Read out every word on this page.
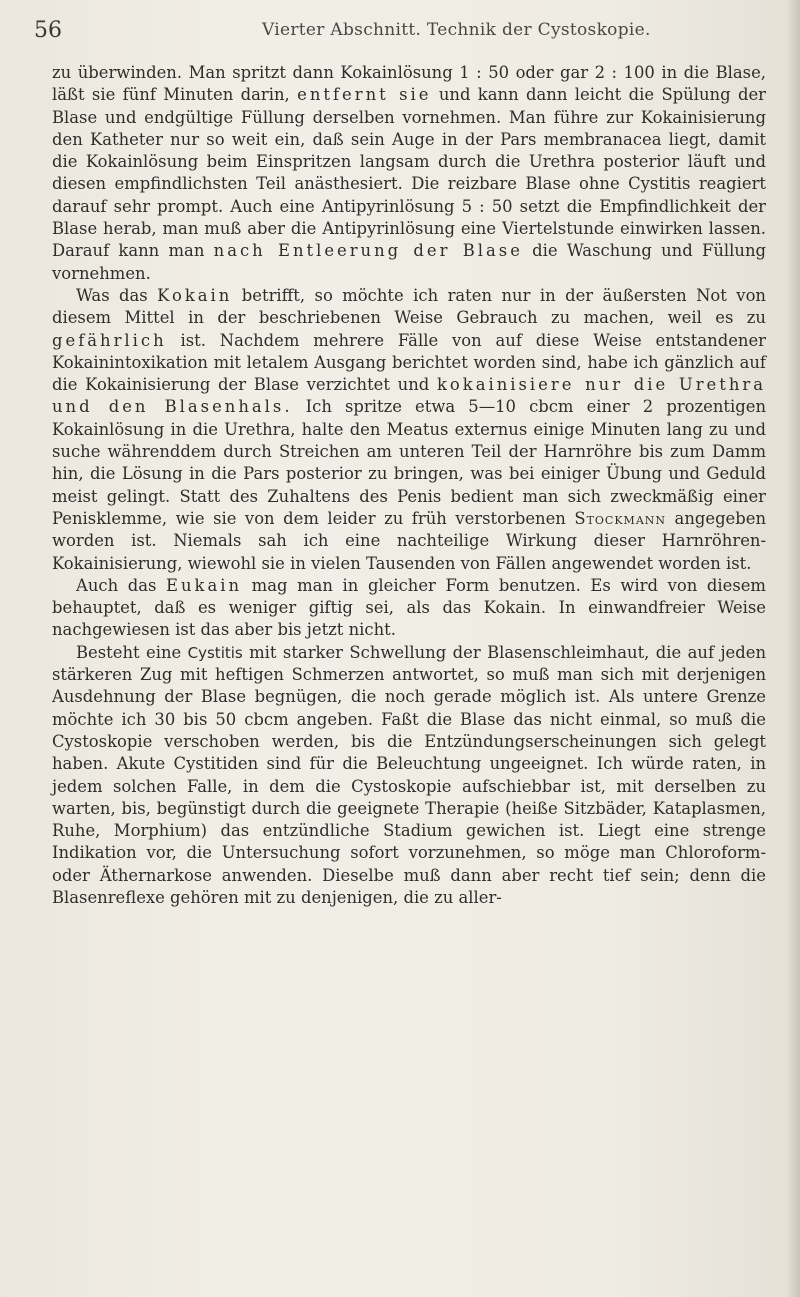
56	Vierter Abschnitt. Technik der Cystoskopie.

zu überwinden. Man spritzt dann Kokainlösung 1 : 50 oder gar 2 : 100 in die Blase, läßt sie fünf Minuten darin, entfernt sie und kann dann leicht die Spülung der Blase und endgültige Füllung derselben vornehmen. Man führe zur Kokainisierung den Katheter nur so weit ein, daß sein Auge in der Pars membranacea liegt, damit die Kokainlösung beim Einspritzen langsam durch die Urethra posterior läuft und diesen empfindlichsten Teil anästhesiert. Die reizbare Blase ohne Cystitis reagiert darauf sehr prompt. Auch eine Antipyrinlösung 5 : 50 setzt die Empfindlichkeit der Blase herab, man muß aber die Antipyrinlösung eine Viertelstunde einwirken lassen. Darauf kann man nach Entleerung der Blase die Waschung und Füllung vornehmen.

Was das Kokain betrifft, so möchte ich raten nur in der äußersten Not von diesem Mittel in der beschriebenen Weise Gebrauch zu machen, weil es zu gefährlich ist. Nachdem mehrere Fälle von auf diese Weise entstandener Kokainintoxikation mit letalem Ausgang berichtet worden sind, habe ich gänzlich auf die Kokainisierung der Blase verzichtet und kokainisiere nur die Urethra und den Blasenhals. Ich spritze etwa 5—10 cbcm einer 2 prozentigen Kokainlösung in die Urethra, halte den Meatus externus einige Minuten lang zu und suche währenddem durch Streichen am unteren Teil der Harnröhre bis zum Damm hin, die Lösung in die Pars posterior zu bringen, was bei einiger Übung und Geduld meist gelingt. Statt des Zuhaltens des Penis bedient man sich zweckmäßig einer Penisklemme, wie sie von dem leider zu früh verstorbenen Stockmann angegeben worden ist. Niemals sah ich eine nachteilige Wirkung dieser Harnröhren-Kokainisierung, wiewohl sie in vielen Tausenden von Fällen angewendet worden ist.

Auch das Eukain mag man in gleicher Form benutzen. Es wird von diesem behauptet, daß es weniger giftig sei, als das Kokain. In einwandfreier Weise nachgewiesen ist das aber bis jetzt nicht.

Besteht eine Cystitis mit starker Schwellung der Blasenschleimhaut, die auf jeden stärkeren Zug mit heftigen Schmerzen antwortet, so muß man sich mit derjenigen Ausdehnung der Blase begnügen, die noch gerade möglich ist. Als untere Grenze möchte ich 30 bis 50 cbcm angeben. Faßt die Blase das nicht einmal, so muß die Cystoskopie verschoben werden, bis die Entzündungserscheinungen sich gelegt haben. Akute Cystitiden sind für die Beleuchtung ungeeignet. Ich würde raten, in jedem solchen Falle, in dem die Cystoskopie aufschiebbar ist, mit derselben zu warten, bis, begünstigt durch die geeignete Therapie (heiße Sitzbäder, Kataplasmen, Ruhe, Morphium) das entzündliche Stadium gewichen ist. Liegt eine strenge Indikation vor, die Untersuchung sofort vorzunehmen, so möge man Chloroform- oder Äthernarkose anwenden. Dieselbe muß dann aber recht tief sein; denn die Blasenreflexe gehören mit zu denjenigen, die zu aller-
